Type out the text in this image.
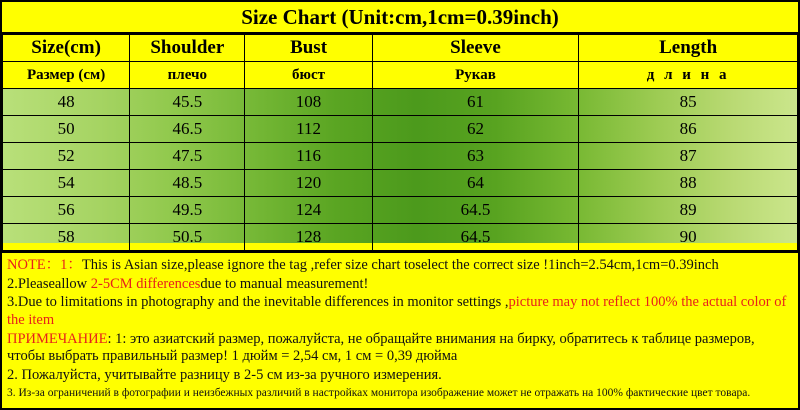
Size Chart (Unit:cm,1cm=0.39inch)
Size(cm)	Shoulder	Bust	Sleeve	Length
Размер (см)	плечо	бюст	Рукав	д л и н а
48	45.5	108	61	85
50	46.5	112	62	86
52	47.5	116	63	87
54	48.5	120	64	88
56	49.5	124	64.5	89
58	50.5	128	64.5	90

NOTE：1：This is Asian size,please ignore the tag ,refer size chart toselect the correct size !1inch=2.54cm,1cm=0.39inch

2.Pleaseallow 2-5CM differencesdue to manual measurement!

3.Due to limitations in photography and the inevitable differences in monitor settings ,picture may not reflect 100% the actual color of the item

ПРИМЕЧАНИЕ: 1: это азиатский размер, пожалуйста, не обращайте внимания на бирку, обратитесь к таблице размеров, чтобы выбрать правильный размер! 1 дюйм = 2,54 см, 1 см = 0,39 дюйма

2. Пожалуйста, учитывайте разницу в 2-5 см из-за ручного измерения.

3. Из-за ограничений в фотографии и неизбежных различий в настройках монитора изображение может не отражать на 100% фактические цвет товара.
